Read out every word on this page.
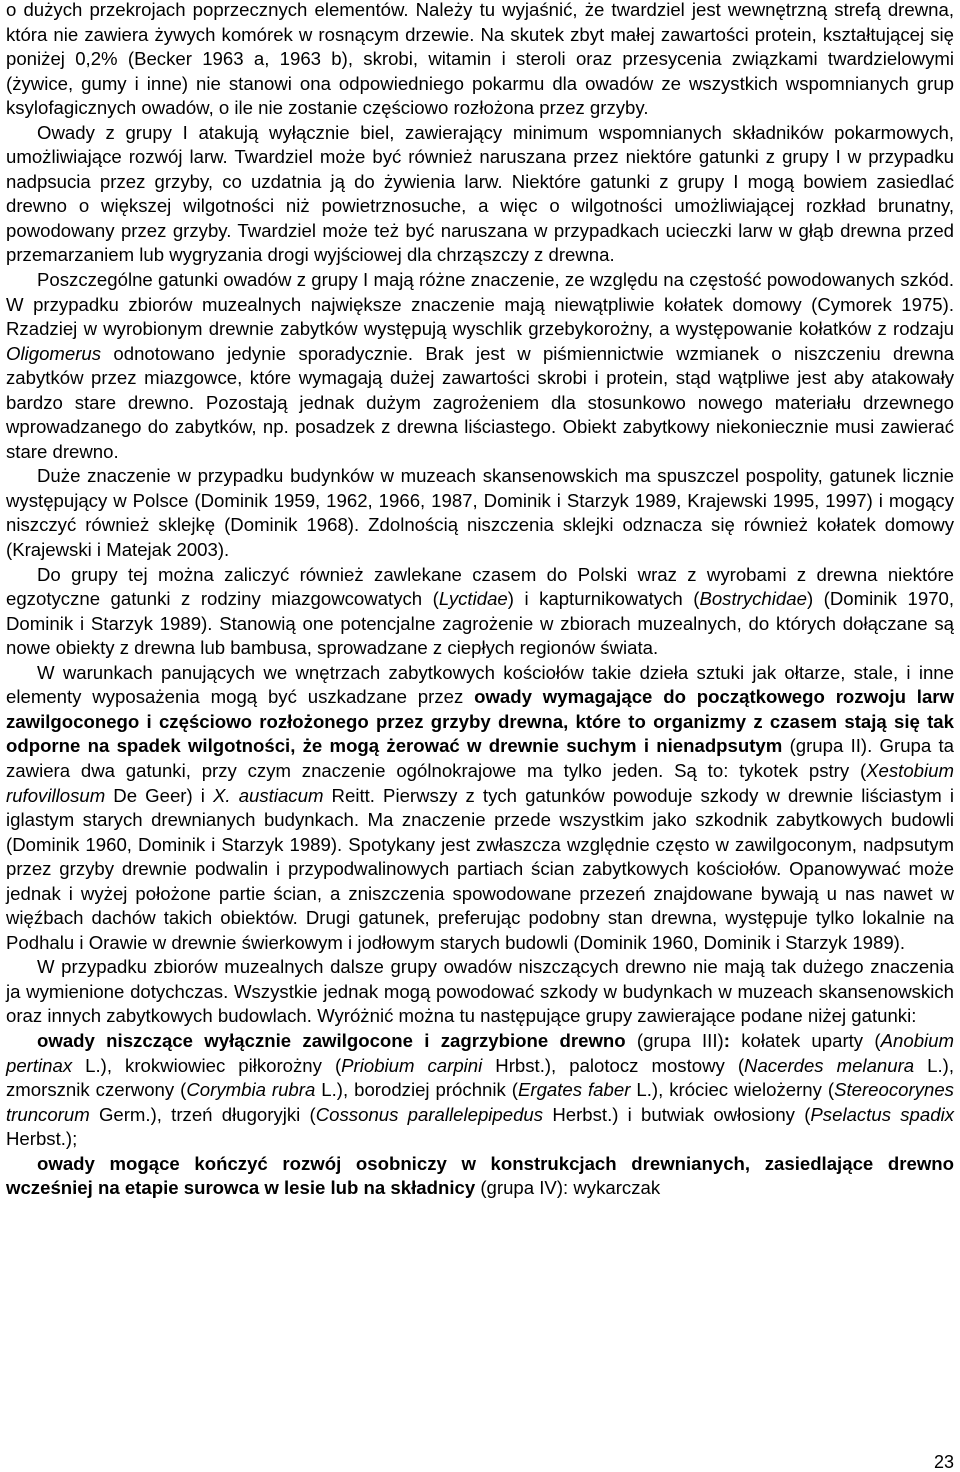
o dużych przekrojach poprzecznych elementów. Należy tu wyjaśnić, że twardziel jest wewnętrzną strefą drewna, która nie zawiera żywych komórek w rosnącym drzewie. Na skutek zbyt małej zawartości protein, kształtującej się poniżej 0,2% (Becker 1963 a, 1963 b), skrobi, witamin i steroli oraz przesycenia związkami twardzielowymi (żywice, gumy i inne) nie stanowi ona odpowiedniego pokarmu dla owadów ze wszystkich wspomnianych grup ksylofagicznych owadów, o ile nie zostanie częściowo rozłożona przez grzyby.

Owady z grupy I atakują wyłącznie biel, zawierający minimum wspomnianych składników pokarmowych, umożliwiające rozwój larw. Twardziel może być również naruszana przez niektóre gatunki z grupy I w przypadku nadpsucia przez grzyby, co uzdatnia ją do żywienia larw. Niektóre gatunki z grupy I mogą bowiem zasiedlać drewno o większej wilgotności niż powietrznosuche, a więc o wilgotności umożliwiającej rozkład brunatny, powodowany przez grzyby. Twardziel może też być naruszana w przypadkach ucieczki larw w głąb drewna przed przemarzaniem lub wygryzania drogi wyjściowej dla chrząszczy z drewna.

Poszczególne gatunki owadów z grupy I mają różne znaczenie, ze względu na częstość powodowanych szkód. W przypadku zbiorów muzealnych największe znaczenie mają niewątpliwie kołatek domowy (Cymorek 1975). Rzadziej w wyrobionym drewnie zabytków występują wyschlik grzebykorożny, a występowanie kołatków z rodzaju Oligomerus odnotowano jedynie sporadycznie. Brak jest w piśmiennictwie wzmianek o niszczeniu drewna zabytków przez miazgowce, które wymagają dużej zawartości skrobi i protein, stąd wątpliwe jest aby atakowały bardzo stare drewno. Pozostają jednak dużym zagrożeniem dla stosunkowo nowego materiału drzewnego wprowadzanego do zabytków, np. posadzek z drewna liściastego. Obiekt zabytkowy niekoniecznie musi zawierać stare drewno.

Duże znaczenie w przypadku budynków w muzeach skansenowskich ma spuszczel pospolity, gatunek licznie występujący w Polsce (Dominik 1959, 1962, 1966, 1987, Dominik i Starzyk 1989, Krajewski 1995, 1997) i mogący niszczyć również sklejkę (Dominik 1968). Zdolnością niszczenia sklejki odznacza się również kołatek domowy (Krajewski i Matejak 2003).

Do grupy tej można zaliczyć również zawlekane czasem do Polski wraz z wyrobami z drewna niektóre egzotyczne gatunki z rodziny miazgowcowatych (Lyctidae) i kapturnikowatych (Bostrychidae) (Dominik 1970, Dominik i Starzyk 1989). Stanowią one potencjalne zagrożenie w zbiorach muzealnych, do których dołączane są nowe obiekty z drewna lub bambusa, sprowadzane z ciepłych regionów świata.

W warunkach panujących we wnętrzach zabytkowych kościołów takie dzieła sztuki jak ołtarze, stale, i inne elementy wyposażenia mogą być uszkadzane przez owady wymagające do początkowego rozwoju larw zawilgoconego i częściowo rozłożonego przez grzyby drewna, które to organizmy z czasem stają się tak odporne na spadek wilgotności, że mogą żerować w drewnie suchym i nienadpsutym (grupa II). Grupa ta zawiera dwa gatunki, przy czym znaczenie ogólnokrajowe ma tylko jeden. Są to: tykotek pstry (Xestobium rufovillosum De Geer) i X. austiacum Reitt. Pierwszy z tych gatunków powoduje szkody w drewnie liściastym i iglastym starych drewnianych budynkach. Ma znaczenie przede wszystkim jako szkodnik zabytkowych budowli (Dominik 1960, Dominik i Starzyk 1989). Spotykany jest zwłaszcza względnie często w zawilgoconym, nadpsutym przez grzyby drewnie podwalin i przypodwalinowych partiach ścian zabytkowych kościołów. Opanowywać może jednak i wyżej położone partie ścian, a zniszczenia spowodowane przezeń znajdowane bywają u nas nawet w więźbach dachów takich obiektów. Drugi gatunek, preferując podobny stan drewna, występuje tylko lokalnie na Podhalu i Orawie w drewnie świerkowym i jodłowym starych budowli (Dominik 1960, Dominik i Starzyk 1989).

W przypadku zbiorów muzealnych dalsze grupy owadów niszczących drewno nie mają tak dużego znaczenia ja wymienione dotychczas. Wszystkie jednak mogą powodować szkody w budynkach w muzeach skansenowskich oraz innych zabytkowych budowlach. Wyróżnić można tu następujące grupy zawierające podane niżej gatunki:

owady niszczące wyłącznie zawilgocone i zagrzybione drewno (grupa III): kołatek uparty (Anobium pertinax L.), krokwiowiec piłkorożny (Priobium carpini Hrbst.), palotocz mostowy (Nacerdes melanura L.), zmorsznik czerwony (Corymbia rubra L.), borodziej próchnik (Ergates faber L.), króciec wielożerny (Stereocorynes truncorum Germ.), trzeń długoryjki (Cossonus parallelepipedus Herbst.) i butwiak owłosiony (Pselactus spadix Herbst.);

owady mogące kończyć rozwój osobniczy w konstrukcjach drewnianych, zasiedlające drewno wcześniej na etapie surowca w lesie lub na składnicy (grupa IV): wykarczak

23
